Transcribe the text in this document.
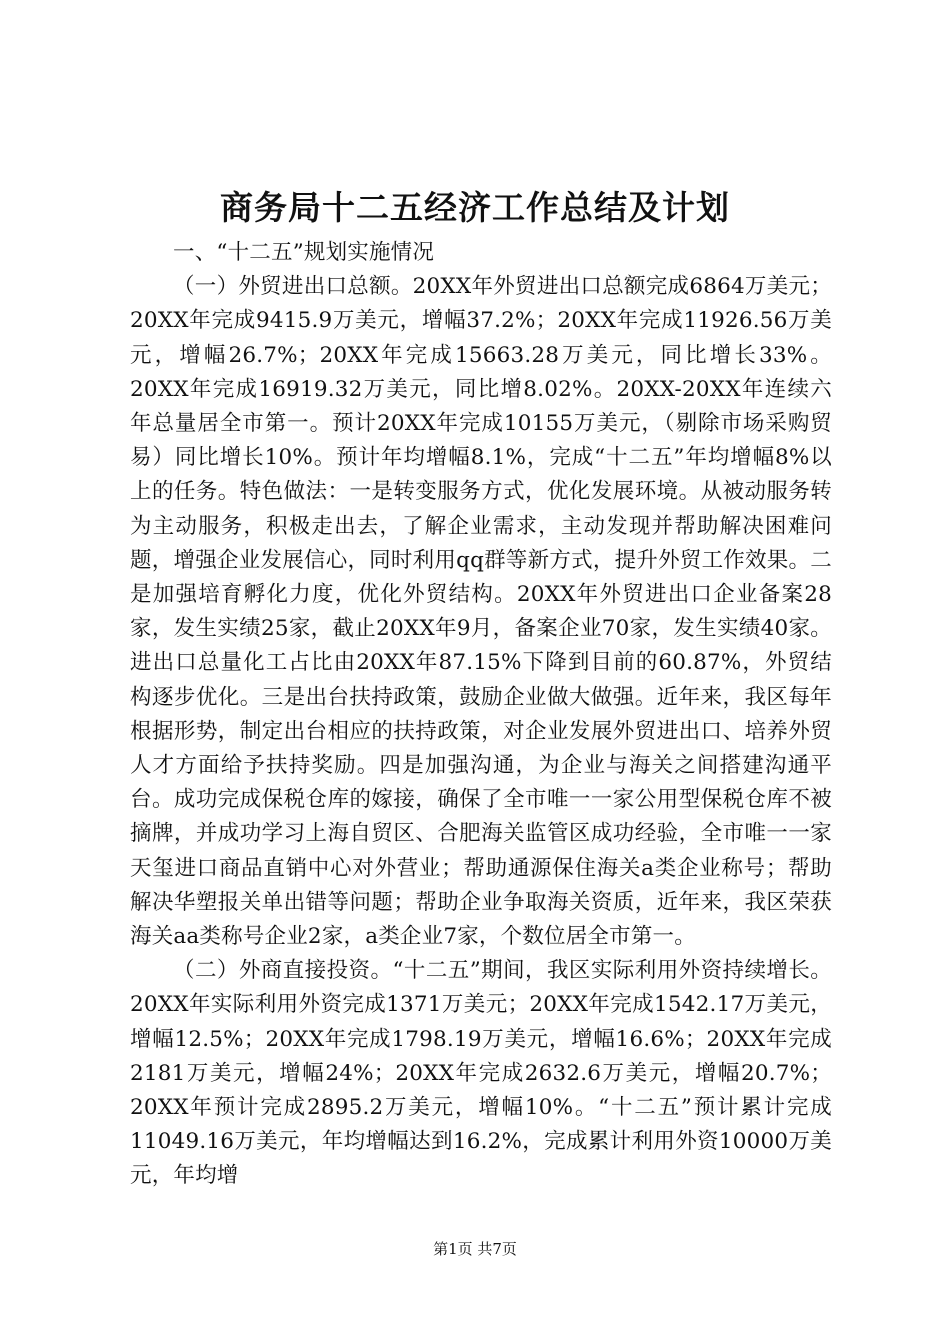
商务局十二五经济工作总结及计划

一、“十二五”规划实施情况

（一）外贸进出口总额。20XX年外贸进出口总额完成6864万美元；20XX年完成9415.9万美元，增幅37.2%；20XX年完成11926.56万美元，增幅26.7%；20XX年完成15663.28万美元，同比增长33%。20XX年完成16919.32万美元，同比增8.02%。20XX-20XX年连续六年总量居全市第一。预计20XX年完成10155万美元，（剔除市场采购贸易）同比增长10%。预计年均增幅8.1%，完成“十二五”年均增幅8%以上的任务。特色做法：一是转变服务方式，优化发展环境。从被动服务转为主动服务，积极走出去，了解企业需求，主动发现并帮助解决困难问题，增强企业发展信心，同时利用qq群等新方式，提升外贸工作效果。二是加强培育孵化力度，优化外贸结构。20XX年外贸进出口企业备案28家，发生实绩25家，截止20XX年9月，备案企业70家，发生实绩40家。进出口总量化工占比由20XX年87.15%下降到目前的60.87%，外贸结构逐步优化。三是出台扶持政策，鼓励企业做大做强。近年来，我区每年根据形势，制定出台相应的扶持政策，对企业发展外贸进出口、培养外贸人才方面给予扶持奖励。四是加强沟通，为企业与海关之间搭建沟通平台。成功完成保税仓库的嫁接，确保了全市唯一一家公用型保税仓库不被摘牌，并成功学习上海自贸区、合肥海关监管区成功经验，全市唯一一家天玺进口商品直销中心对外营业；帮助通源保住海关a类企业称号；帮助解决华塑报关单出错等问题；帮助企业争取海关资质，近年来，我区荣获海关aa类称号企业2家，a类企业7家，个数位居全市第一。

（二）外商直接投资。“十二五”期间，我区实际利用外资持续增长。20XX年实际利用外资完成1371万美元；20XX年完成1542.17万美元，增幅12.5%；20XX年完成1798.19万美元，增幅16.6%；20XX年完成2181万美元，增幅24%；20XX年完成2632.6万美元，增幅20.7%；20XX年预计完成2895.2万美元，增幅10%。“十二五”预计累计完成11049.16万美元，年均增幅达到16.2%，完成累计利用外资10000万美元，年均增

第1页 共7页
